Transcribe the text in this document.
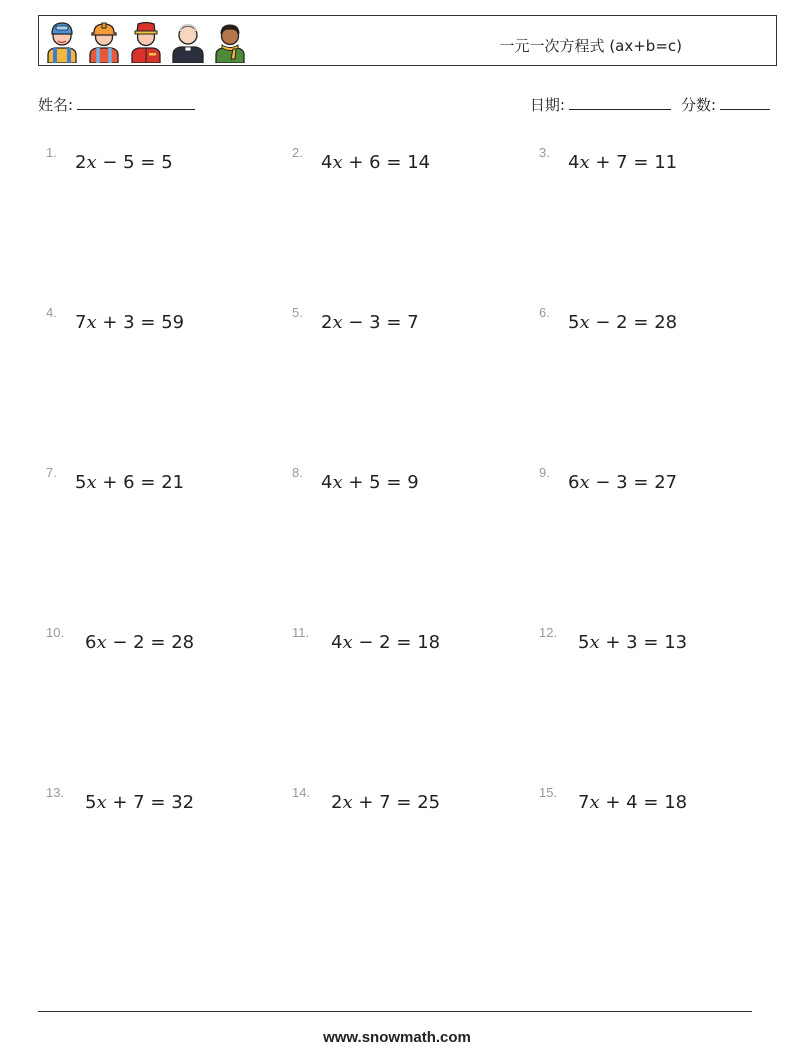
一元一次方程式 (ax+b=c)
姓名:	日期:	分数:
1. 2x − 5 = 5	2. 4x + 6 = 14	3. 4x + 7 = 11
4. 7x + 3 = 59	5. 2x − 3 = 7	6. 5x − 2 = 28
7. 5x + 6 = 21	8. 4x + 5 = 9	9. 6x − 3 = 27
10. 6x − 2 = 28	11. 4x − 2 = 18	12. 5x + 3 = 13
13. 5x + 7 = 32	14. 2x + 7 = 25	15. 7x + 4 = 18
www.snowmath.com
